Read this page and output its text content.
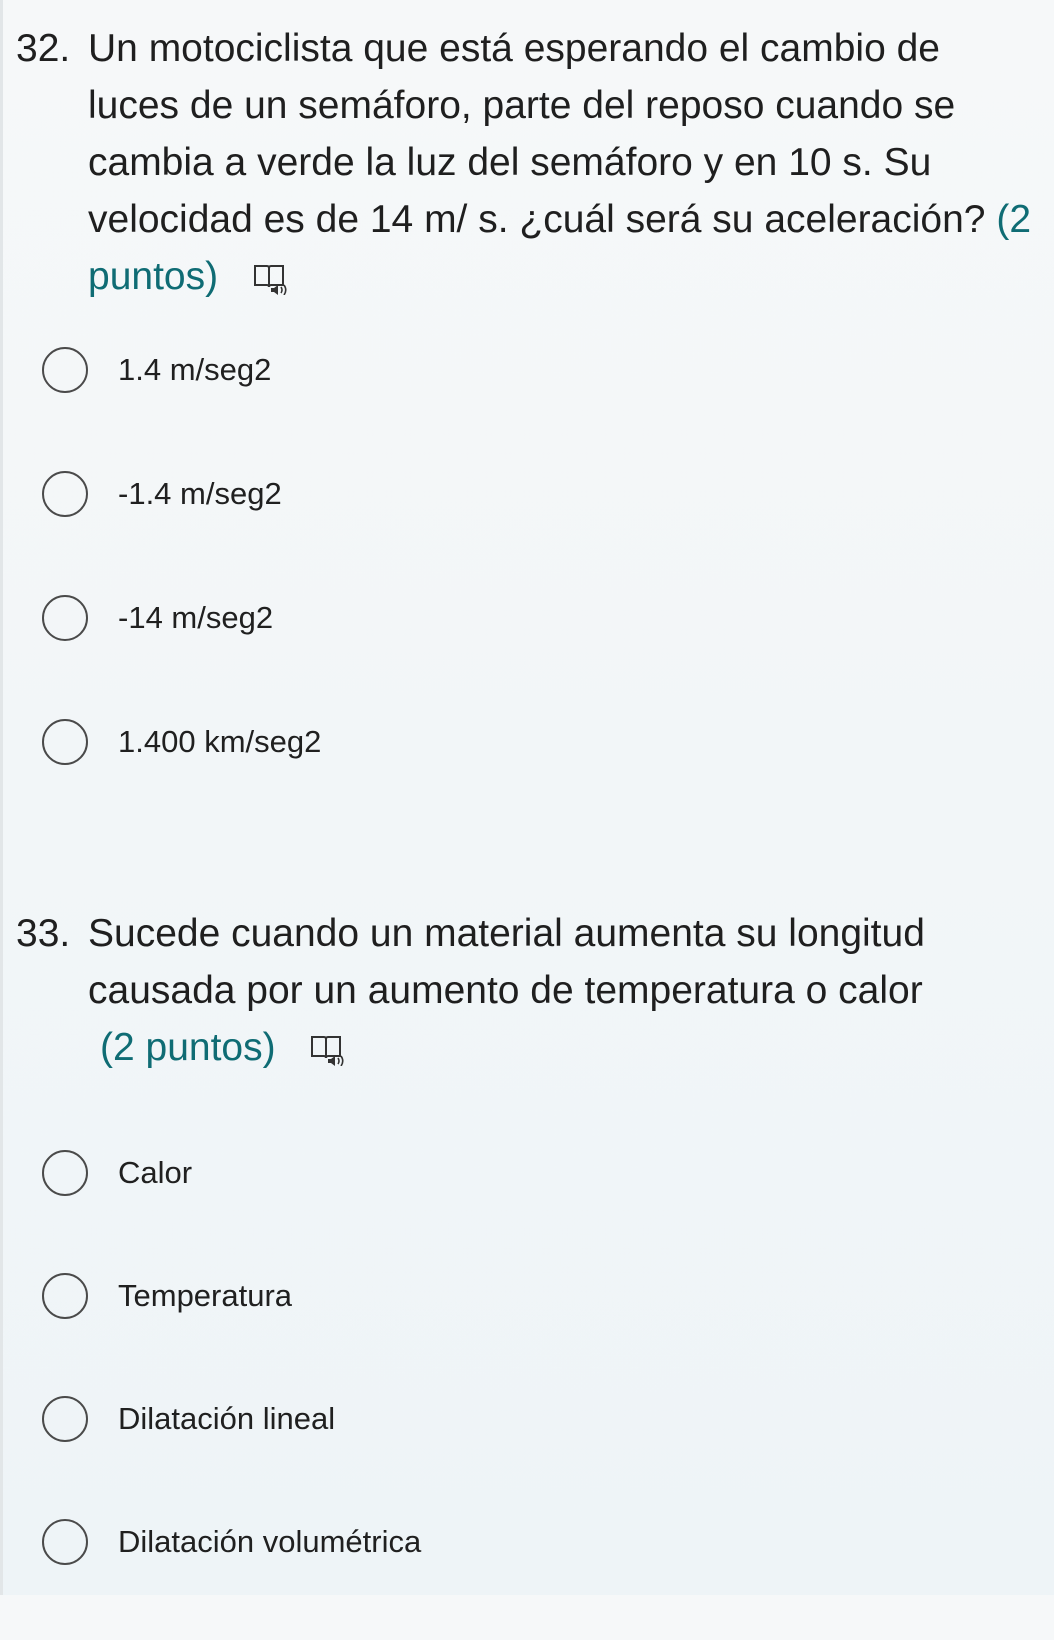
32. Un motociclista que está esperando el cambio de luces de un semáforo, parte del reposo cuando se cambia a verde la luz del semáforo y en 10 s. Su velocidad es de 14 m/ s. ¿cuál será su aceleración? (2 puntos)
1.4 m/seg2
-1.4 m/seg2
-14 m/seg2
1.400 km/seg2
33. Sucede cuando un material aumenta su longitud causada por un aumento de temperatura o calor
(2 puntos)
Calor
Temperatura
Dilatación lineal
Dilatación volumétrica
